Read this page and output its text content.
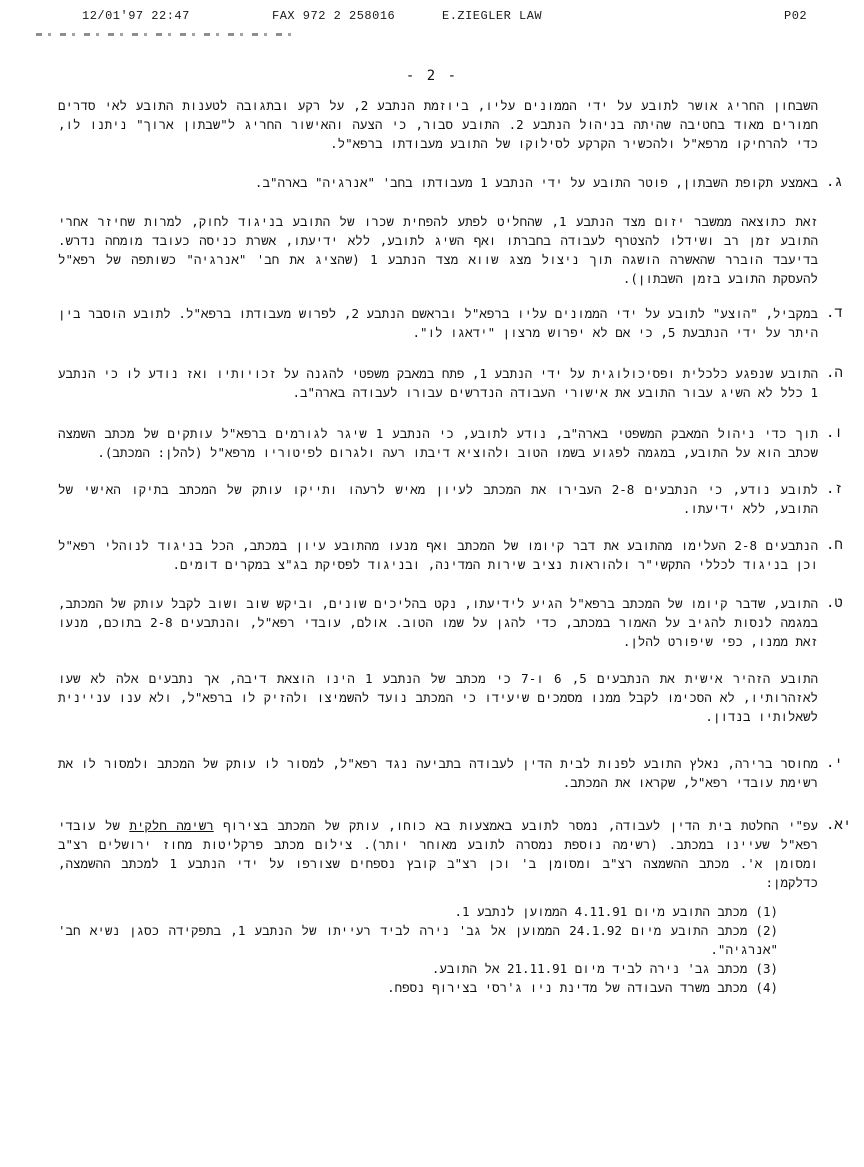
12/01'97 22:47	FAX 972 2 258016	E.ZIEGLER LAW	P02
- 2 -

השבחון החריג אושר לתובע על ידי הממונים עליו, ביוזמת הנתבע 2, על רקע ובתגובה לטענות התובע לאי סדרים חמורים מאוד בחטיבה שהיתה בניהול הנתבע 2. התובע סבור, כי הצעה והאישור החריג ל"שבתון ארוך" ניתנו לו, כדי להרחיקו מרפא"ל ולהכשיר הקרקע לסילוקו של התובע מעבודתו ברפא"ל.

ג.
באמצע תקופת השבתון, פוטר התובע על ידי הנתבע 1 מעבודתו בחב' "אנרגיה" בארה"ב.

זאת כתוצאה ממשבר יזום מצד הנתבע 1, שהחליט לפתע להפחית שכרו של התובע בניגוד לחוק, למרות שחיזר אחרי התובע זמן רב ושידלו להצטרף לעבודה בחברתו ואף השיג לתובע, ללא ידיעתו, אשרת כניסה כעובד מומחה נדרש. בדיעבד הוברר שהאשרה הושגה תוך ניצול מצג שווא מצד הנתבע 1 (שהציג את חב' "אנרגיה" כשותפה של רפא"ל להעסקת התובע בזמן השבתון).

ד.
במקביל, "הוצע" לתובע על ידי הממונים עליו ברפא"ל ובראשם הנתבע 2, לפרוש מעבודתו ברפא"ל. לתובע הוסבר בין היתר על ידי הנתבעת 5, כי אם לא יפרוש מרצון "ידאגו לו".

ה.
התובע שנפגע כלכלית ופסיכולוגית על ידי הנתבע 1, פתח במאבק משפטי להגנה על זכויותיו ואז נודע לו כי הנתבע 1 כלל לא השיג עבור התובע את אישורי העבודה הנדרשים עבורו לעבודה בארה"ב.

ו.
תוך כדי ניהול המאבק המשפטי בארה"ב, נודע לתובע, כי הנתבע 1 שיגר לגורמים ברפא"ל עותקים של מכתב השמצה שכתב הוא על התובע, במגמה לפגוע בשמו הטוב ולהוציא דיבתו רעה ולגרום לפיטוריו מרפא"ל (להלן: המכתב).

ז.
לתובע נודע, כי הנתבעים 2-8 העבירו את המכתב לעיון מאיש לרעהו ותייקו עותק של המכתב בתיקו האישי של התובע, ללא ידיעתו.

ח.
הנתבעים 2-8 העלימו מהתובע את דבר קיומו של המכתב ואף מנעו מהתובע עיון במכתב, הכל בניגוד לנוהלי רפא"ל וכן בניגוד לכללי התקשי"ר ולהוראות נציב שירות המדינה, ובניגוד לפסיקת בג"צ במקרים דומים.

ט.
התובע, שדבר קיומו של המכתב ברפא"ל הגיע לידיעתו, נקט בהליכים שונים, וביקש שוב ושוב לקבל עותק של המכתב, במגמה לנסות להגיב על האמור במכתב, כדי להגן על שמו הטוב. אולם, עובדי רפא"ל, והנתבעים 2-8 בתוכם, מנעו זאת ממנו, כפי שיפורט להלן.

התובע הזהיר אישית את הנתבעים 5, 6 ו-7 כי מכתב של הנתבע 1 הינו הוצאת דיבה, אך נתבעים אלה לא שעו לאזהרותיו, לא הסכימו לקבל ממנו מסמכים שיעידו כי המכתב נועד להשמיצו ולהזיק לו ברפא"ל, ולא ענו עניינית לשאלותיו בנדון.

י.
מחוסר ברירה, נאלץ התובע לפנות לבית הדין לעבודה בתביעה נגד רפא"ל, למסור לו עותק של המכתב ולמסור לו את רשימת עובדי רפא"ל, שקראו את המכתב.

יא.
עפ"י החלטת בית הדין לעבודה, נמסר לתובע באמצעות בא כוחו, עותק של המכתב בצירוף רשימה חלקית של עובדי רפא"ל שעיינו במכתב. (רשימה נוספת נמסרה לתובע מאוחר יותר). צילום מכתב פרקליטות מחוז ירושלים רצ"ב ומסומן א'. מכתב ההשמצה רצ"ב ומסומן ב' וכן רצ"ב קובץ נספחים שצורפו על ידי הנתבע 1 למכתב ההשמצה, כדלקמן:

(1)מכתב התובע מיום 4.11.91 הממוען לנתבע 1.
(2)מכתב התובע מיום 24.1.92 הממוען אל גב' נירה לביד רעייתו של הנתבע 1, בתפקידה כסגן נשיא חב' "אנרגיה".
(3)מכתב גב' נירה לביד מיום 21.11.91 אל התובע.
(4)מכתב משרד העבודה של מדינת ניו ג'רסי בצירוף נספח.
